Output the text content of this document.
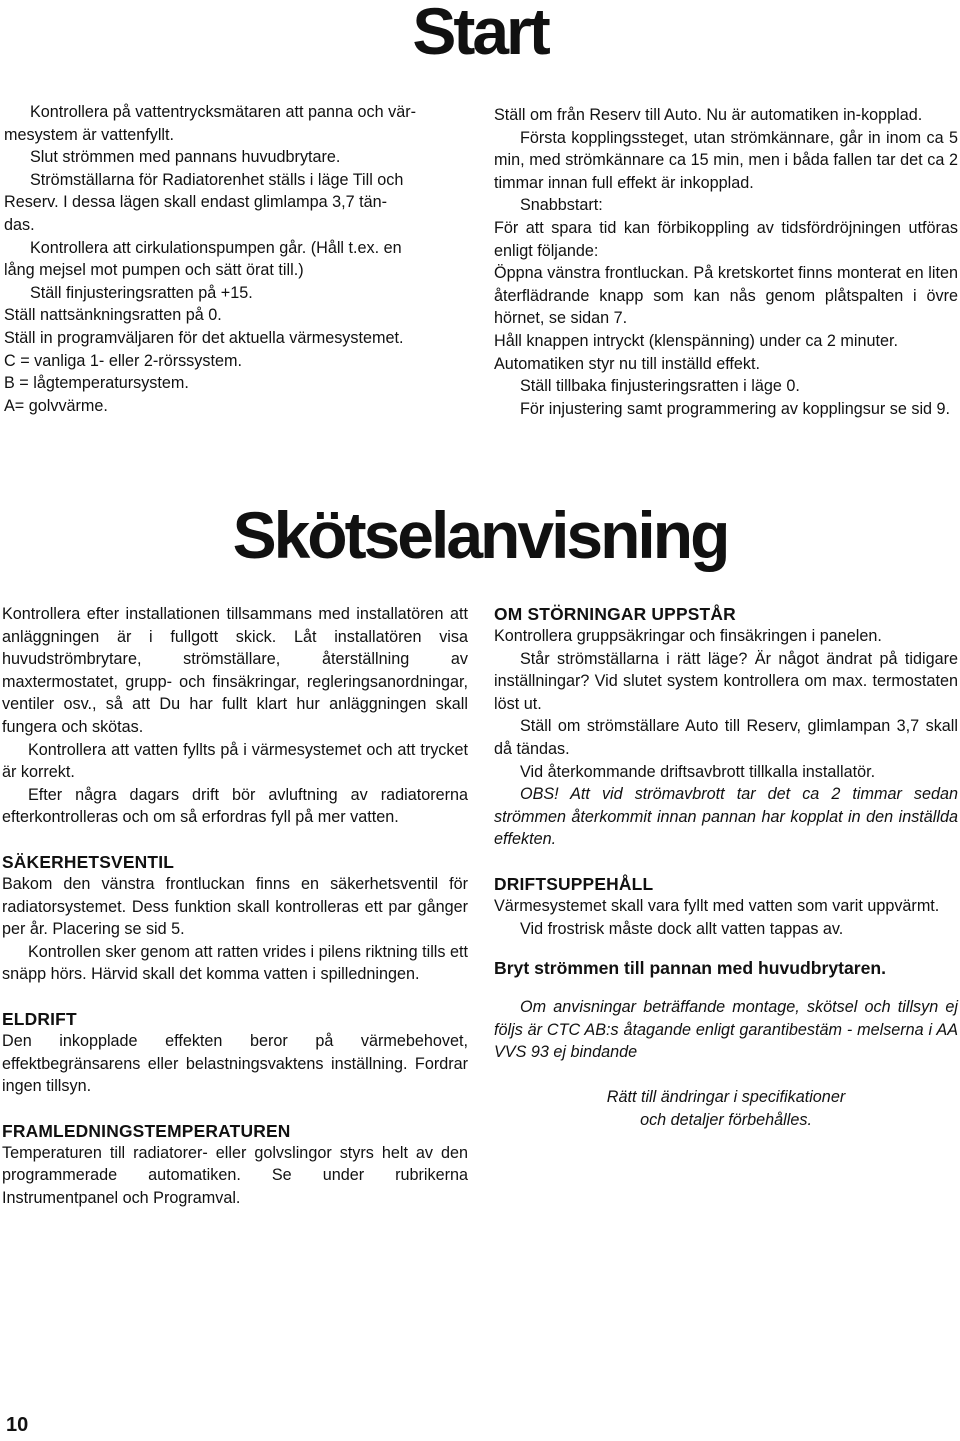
Start

Kontrollera på vattentrycksmätaren att panna och vär-

mesystem är vattenfyllt.

Slut strömmen med pannans huvudbrytare.

Strömställarna för Radiatorenhet ställs i läge Till och

Reserv. I dessa lägen skall endast glimlampa 3,7 tän-

das.

Kontrollera att cirkulationspumpen går. (Håll t.ex. en

lång mejsel mot pumpen och sätt örat till.)

Ställ finjusteringsratten på +15.

Ställ nattsänkningsratten på 0.

Ställ in programväljaren för det aktuella värmesystemet.

C = vanliga 1- eller 2-rörssystem.

B = lågtemperatursystem.

A= golvvärme.

Ställ om från Reserv till Auto. Nu är automatiken in-kopplad.

Första kopplingssteget, utan strömkännare, går in inom ca 5 min, med strömkännare ca 15 min, men i båda fallen tar det ca 2 timmar innan full effekt är inkopplad.

Snabbstart:

För att spara tid kan förbikoppling av tidsfördröjningen utföras enligt följande:

Öppna vänstra frontluckan. På kretskortet finns monterat en liten återflädrande knapp som kan nås genom plåtspalten i övre hörnet, se sidan 7.

Håll knappen intryckt (klenspänning) under ca 2 minuter.

Automatiken styr nu till inställd effekt.

Ställ tillbaka finjusteringsratten i läge 0.

För injustering samt programmering av kopplingsur se sid 9.

Skötselanvisning

Kontrollera efter installationen tillsammans med installatören att anläggningen är i fullgott skick. Låt installatören visa huvudströmbrytare, strömställare, återställning av maxtermostatet, grupp- och finsäkringar, regleringsanordningar, ventiler osv., så att Du har fullt klart hur anläggningen skall fungera och skötas.

Kontrollera att vatten fyllts på i värmesystemet och att trycket är korrekt.

Efter några dagars drift bör avluftning av radiatorerna efterkontrolleras och om så erfordras fyll på mer vatten.

SÄKERHETSVENTIL

Bakom den vänstra frontluckan finns en säkerhetsventil för radiatorsystemet. Dess funktion skall kontrolleras ett par gånger per år. Placering se sid 5.

Kontrollen sker genom att ratten vrides i pilens riktning tills ett snäpp hörs. Härvid skall det komma vatten i spilledningen.

ELDRIFT

Den inkopplade effekten beror på värmebehovet, effektbegränsarens eller belastningsvaktens inställning. Fordrar ingen tillsyn.

FRAMLEDNINGSTEMPERATUREN

Temperaturen till radiatorer- eller golvslingor styrs helt av den programmerade automatiken. Se under rubrikerna Instrumentpanel och Programval.

OM STÖRNINGAR UPPSTÅR

Kontrollera gruppsäkringar och finsäkringen i panelen.

Står strömställarna i rätt läge? Är något ändrat på tidigare inställningar? Vid slutet system kontrollera om max. termostaten löst ut.

Ställ om strömställare Auto till Reserv, glimlampan 3,7 skall då tändas.

Vid återkommande driftsavbrott tillkalla installatör.

OBS! Att vid strömavbrott tar det ca 2 timmar sedan strömmen återkommit innan pannan har kopplat in den inställda effekten.

DRIFTSUPPEHÅLL

Värmesystemet skall vara fyllt med vatten som varit uppvärmt.

Vid frostrisk måste dock allt vatten tappas av.

Bryt strömmen till pannan med huvudbrytaren.

Om anvisningar beträffande montage, skötsel och tillsyn ej följs är CTC AB:s åtagande enligt garantibestäm - melserna i AA VVS 93 ej bindande

Rätt till ändringar i specifikationer

och detaljer förbehålles.

10
